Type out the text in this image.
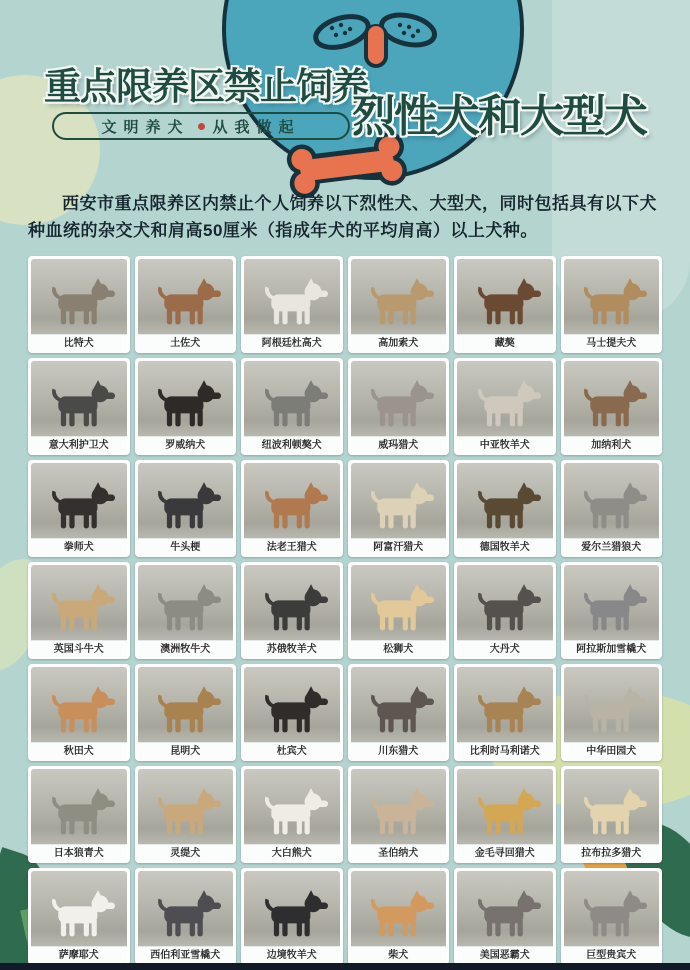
重点限养区禁止饲养
烈性犬和大型犬
文明养犬 从我做起

西安市重点限养区内禁止个人饲养以下烈性犬、大型犬，同时包括具有以下犬种血统的杂交犬和肩高50厘米（指成年犬的平均肩高）以上犬种。

比特犬	土佐犬	阿根廷杜高犬	高加索犬	藏獒	马士提夫犬
意大利护卫犬	罗威纳犬	纽波利顿獒犬	威玛猎犬	中亚牧羊犬	加纳利犬
拳师犬	牛头梗	法老王猎犬	阿富汗猎犬	德国牧羊犬	爱尔兰猎狼犬
英国斗牛犬	澳洲牧牛犬	苏俄牧羊犬	松狮犬	大丹犬	阿拉斯加雪橇犬
秋田犬	昆明犬	杜宾犬	川东猎犬	比利时马利诺犬	中华田园犬
日本狼青犬	灵缇犬	大白熊犬	圣伯纳犬	金毛寻回猎犬	拉布拉多猎犬
萨摩耶犬	西伯利亚雪橇犬	边境牧羊犬	柴犬	美国恶霸犬	巨型贵宾犬
